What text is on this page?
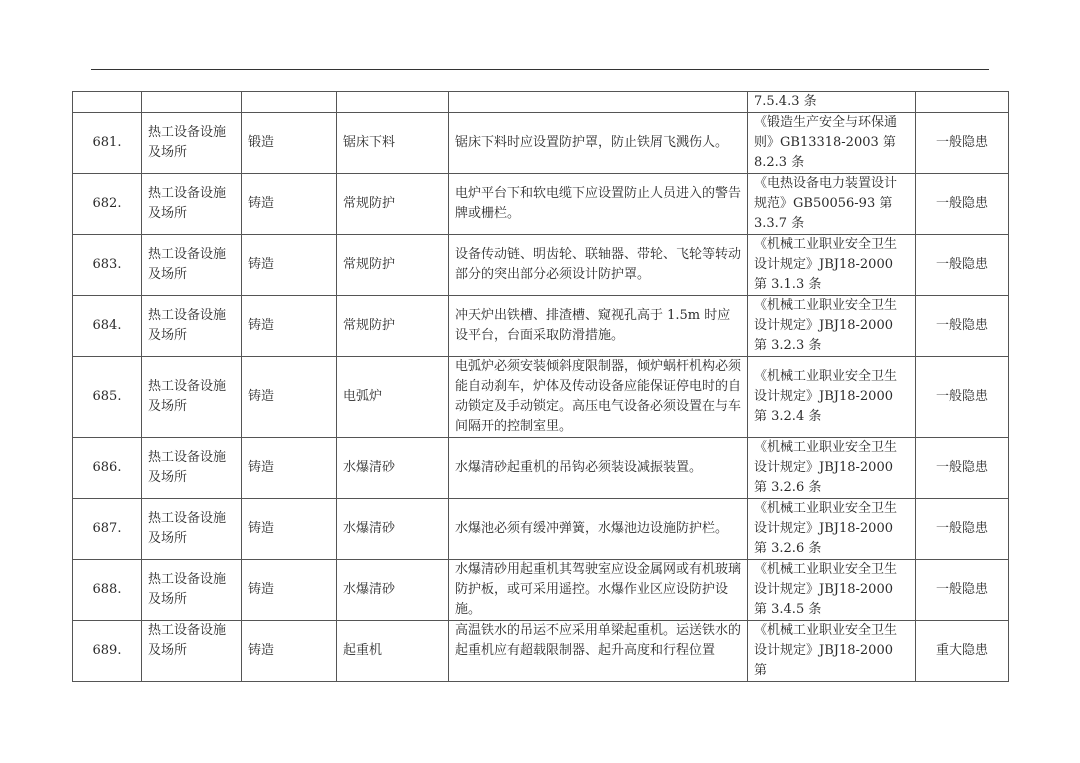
					7.5.4.3 条	
681.	热工设备设施及场所	锻造	锯床下料	锯床下料时应设置防护罩，防止铁屑飞溅伤人。	《锻造生产安全与环保通则》GB13318-2003 第 8.2.3 条	一般隐患
682.	热工设备设施及场所	铸造	常规防护	电炉平台下和软电缆下应设置防止人员进入的警告牌或栅栏。	《电热设备电力装置设计规范》GB50056-93 第 3.3.7 条	一般隐患
683.	热工设备设施及场所	铸造	常规防护	设备传动链、明齿轮、联轴器、带轮、飞轮等转动部分的突出部分必须设计防护罩。	《机械工业职业安全卫生设计规定》JBJ18-2000 第 3.1.3 条	一般隐患
684.	热工设备设施及场所	铸造	常规防护	冲天炉出铁槽、排渣槽、窥视孔高于 1.5m 时应设平台，台面采取防滑措施。	《机械工业职业安全卫生设计规定》JBJ18-2000 第 3.2.3 条	一般隐患
685.	热工设备设施及场所	铸造	电弧炉	电弧炉必须安装倾斜度限制器，倾炉蜗杆机构必须能自动刹车，炉体及传动设备应能保证停电时的自动锁定及手动锁定。高压电气设备必须设置在与车间隔开的控制室里。	《机械工业职业安全卫生设计规定》JBJ18-2000 第 3.2.4 条	一般隐患
686.	热工设备设施及场所	铸造	水爆清砂	水爆清砂起重机的吊钩必须装设减振装置。	《机械工业职业安全卫生设计规定》JBJ18-2000 第 3.2.6 条	一般隐患
687.	热工设备设施及场所	铸造	水爆清砂	水爆池必须有缓冲弹簧，水爆池边设施防护栏。	《机械工业职业安全卫生设计规定》JBJ18-2000 第 3.2.6 条	一般隐患
688.	热工设备设施及场所	铸造	水爆清砂	水爆清砂用起重机其驾驶室应设金属网或有机玻璃防护板，或可采用遥控。水爆作业区应设防护设施。	《机械工业职业安全卫生设计规定》JBJ18-2000 第 3.4.5 条	一般隐患
689.	热工设备设施及场所	铸造	起重机	高温铁水的吊运不应采用单梁起重机。运送铁水的起重机应有超载限制器、起升高度和行程位置	《机械工业职业安全卫生设计规定》JBJ18-2000 第	重大隐患
